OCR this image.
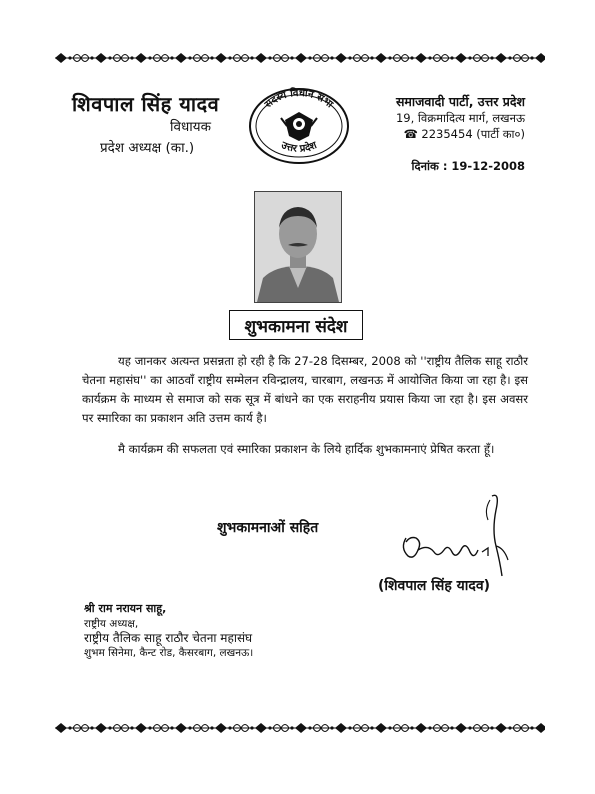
शिवपाल सिंह यादव
विधायक
प्रदेश अध्यक्ष (का.)
सदस्य विधान सभा
उत्तर प्रदेश
समाजवादी पार्टी, उत्तर प्रदेश
19, विक्रमादित्य मार्ग, लखनऊ
☎ 2235454 (पार्टी का०)
दिनांक : 19-12-2008
शुभकामना संदेश
यह जानकर अत्यन्त प्रसन्नता हो रही है कि 27-28 दिसम्बर, 2008 को ''राष्ट्रीय तैलिक साहू राठौर चेतना महासंघ'' का आठवाँ राष्ट्रीय सम्मेलन रविन्द्रालय, चारबाग, लखनऊ में आयोजित किया जा रहा है। इस कार्यक्रम के माध्यम से समाज को सक सूत्र में बांधने का एक सराहनीय प्रयास किया जा रहा है। इस अवसर पर स्मारिका का प्रकाशन अति उत्तम कार्य है।
मै कार्यक्रम की सफलता एवं स्मारिका प्रकाशन के लिये हार्दिक शुभकामनाएं प्रेषित करता हूँ।
शुभकामनाओं सहित
(शिवपाल सिंह यादव)
श्री राम नरायन साहू,
राष्ट्रीय अध्यक्ष,
राष्ट्रीय तैलिक साहू राठौर चेतना महासंघ
शुभम सिनेमा, कैन्ट रोड, कैसरबाग, लखनऊ।
